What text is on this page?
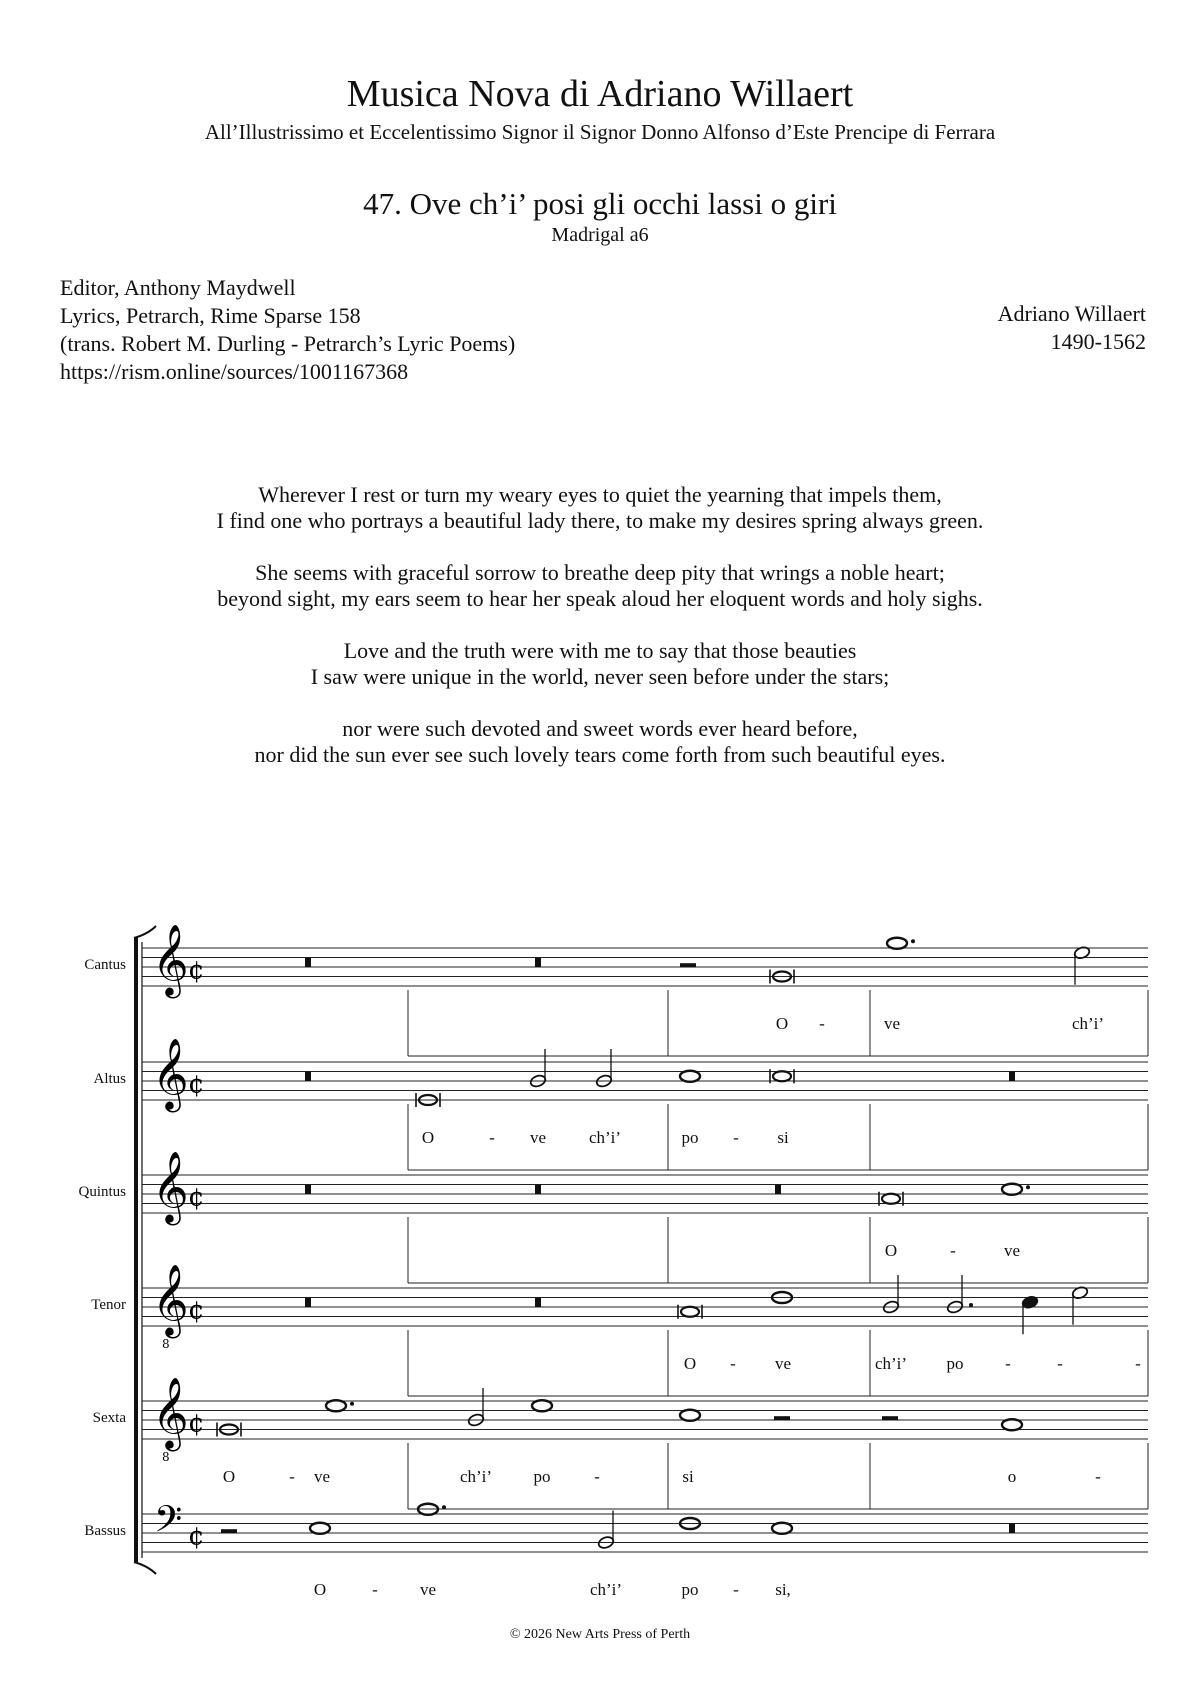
Musica Nova di Adriano Willaert
All’Illustrissimo et Eccelentissimo Signor il Signor Donno Alfonso d’Este Prencipe di Ferrara
47. Ove ch’i’ posi gli occhi lassi o giri
Madrigal a6
Editor, Anthony Maydwell
Lyrics, Petrarch, Rime Sparse 158
(trans. Robert M. Durling - Petrarch’s Lyric Poems)
https://rism.online/sources/1001167368
Adriano Willaert
1490-1562
Wherever I rest or turn my weary eyes to quiet the yearning that impels them,
I find one who portrays a beautiful lady there, to make my desires spring always green.
She seems with graceful sorrow to breathe deep pity that wrings a noble heart;
beyond sight, my ears seem to hear her speak aloud her eloquent words and holy sighs.
Love and the truth were with me to say that those beauties
I saw were unique in the world, never seen before under the stars;
nor were such devoted and sweet words ever heard before,
nor did the sun ever see such lovely tears come forth from such beautiful eyes.
𝄞 ¢
𝄞 ¢
𝄞 ¢
𝄞
8
¢
𝄞
8
¢
𝄢 ¢
Cantus
O -	ve	ch’i’
Altus
O	- ve	ch’i’	po - si
Quintus
O	-	ve
Tenor
O - ve	ch’i’ po -	-	-
Sexta
O	- ve	ch’i’ po	-	si	o	-
Bassus
O	- ve	ch’i’	po - si,
© 2026 New Arts Press of Perth
